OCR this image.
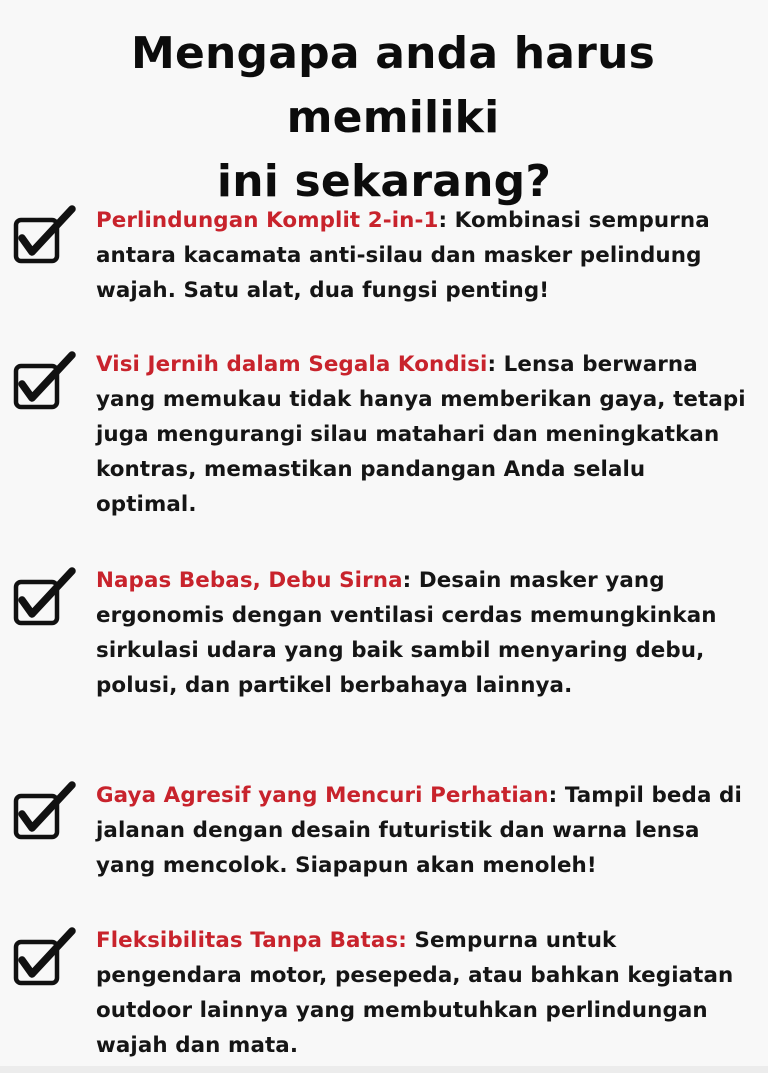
Mengapa anda harus memiliki
ini sekarang?

Perlindungan Komplit 2-in-1: Kombinasi sempurna antara kacamata anti-silau dan masker pelindung wajah. Satu alat, dua fungsi penting!

Visi Jernih dalam Segala Kondisi: Lensa berwarna yang memukau tidak hanya memberikan gaya, tetapi juga mengurangi silau matahari dan meningkatkan kontras, memastikan pandangan Anda selalu optimal.

Napas Bebas, Debu Sirna: Desain masker yang ergonomis dengan ventilasi cerdas memungkinkan sirkulasi udara yang baik sambil menyaring debu, polusi, dan partikel berbahaya lainnya.

Gaya Agresif yang Mencuri Perhatian: Tampil beda di jalanan dengan desain futuristik dan warna lensa yang mencolok. Siapapun akan menoleh!

Fleksibilitas Tanpa Batas: Sempurna untuk pengendara motor, pesepeda, atau bahkan kegiatan outdoor lainnya yang membutuhkan perlindungan wajah dan mata.
